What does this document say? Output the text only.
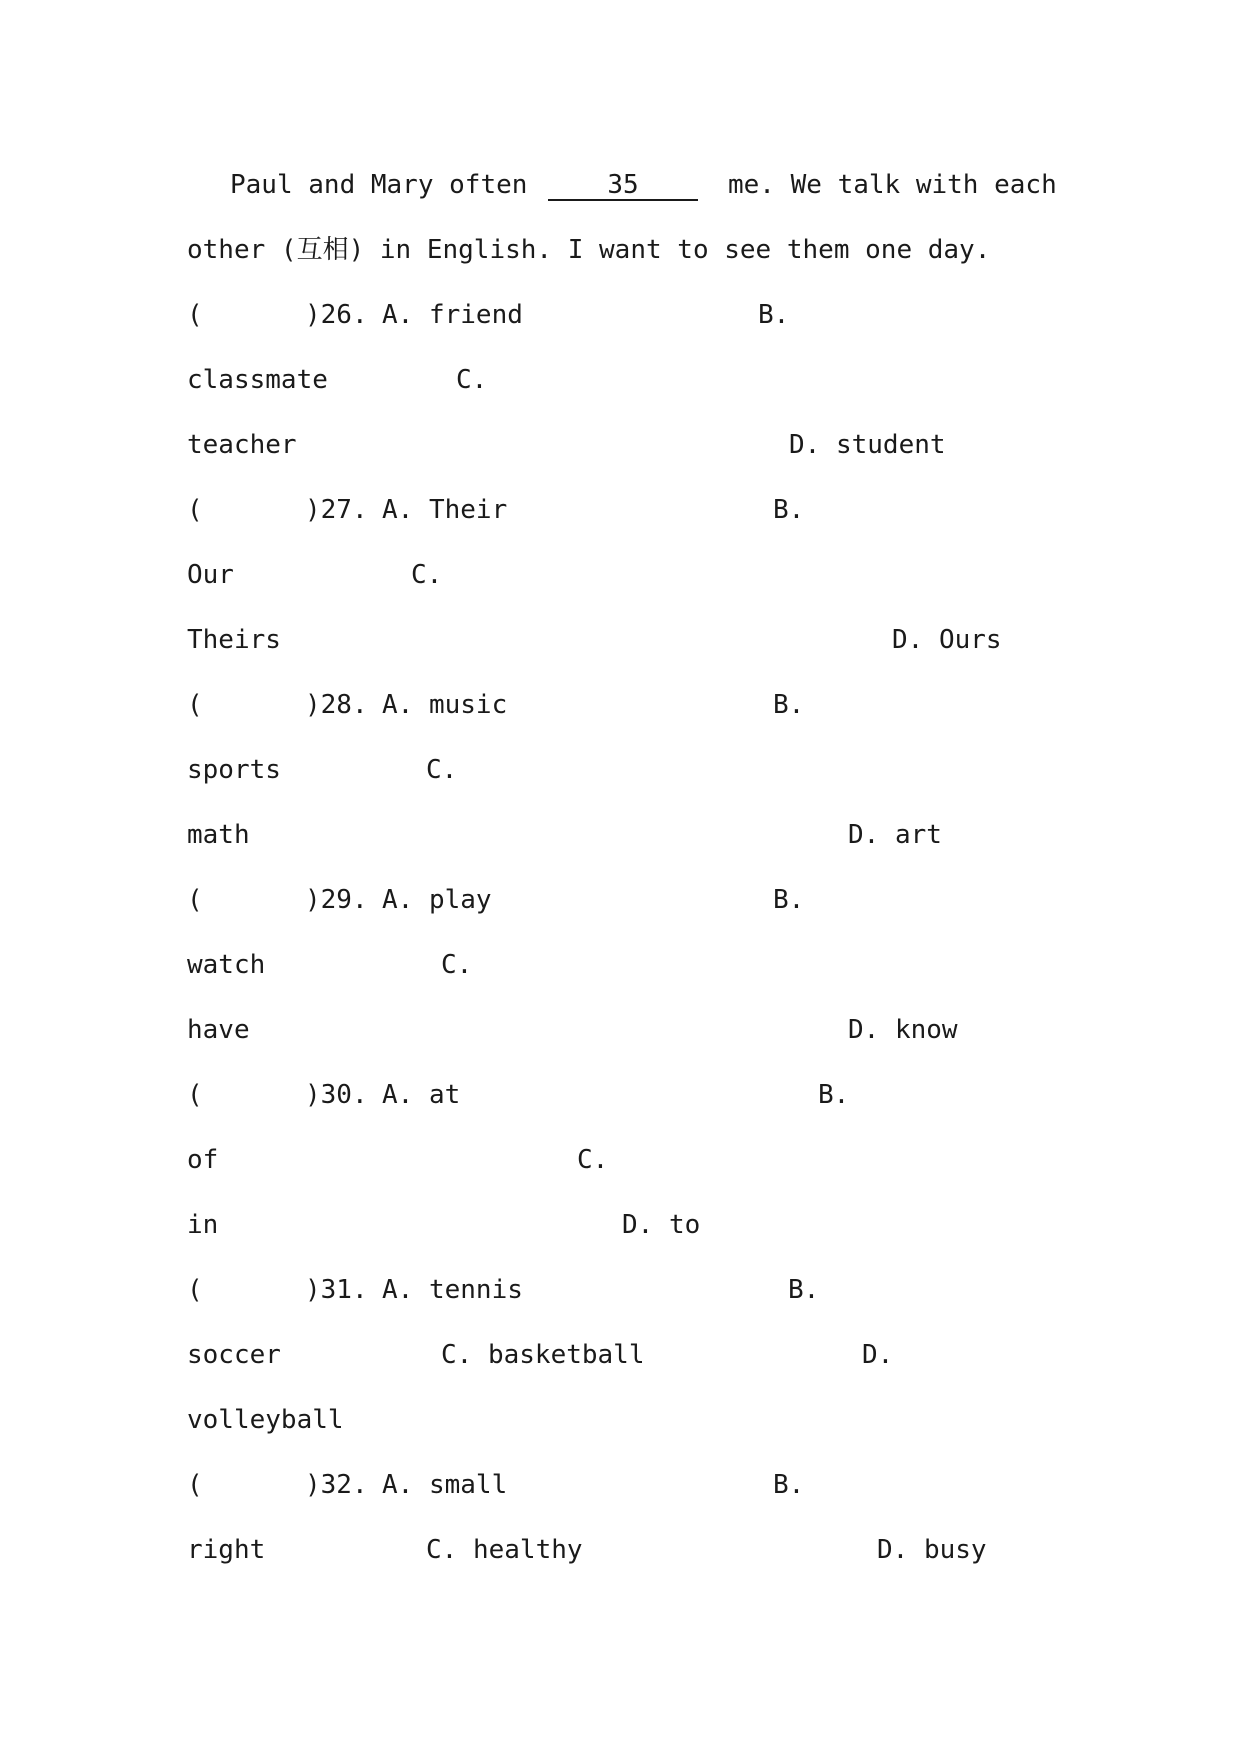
Paul and Mary often

	35

	me. We talk with each

other (互相) in English. I want to see them one day.

(

	)26.

A. friend

	B.

classmate

	C.

teacher

	D. student

(

	)27.

A. Their

	B.

Our

	C.

Theirs

	D. Ours

(

	)28.

A. music

	B.

sports

	C.

math

	D. art

(

	)29.

A. play

	B.

watch

	C.

have

	D. know

(

	)30.

A. at

	B.

of

	C.

in

	D. to

(

	)31.

A. tennis

	B.

soccer

	C. basketball

	D.

volleyball

(

	)32.

A. small

	B.

right

	C. healthy

	D. busy
